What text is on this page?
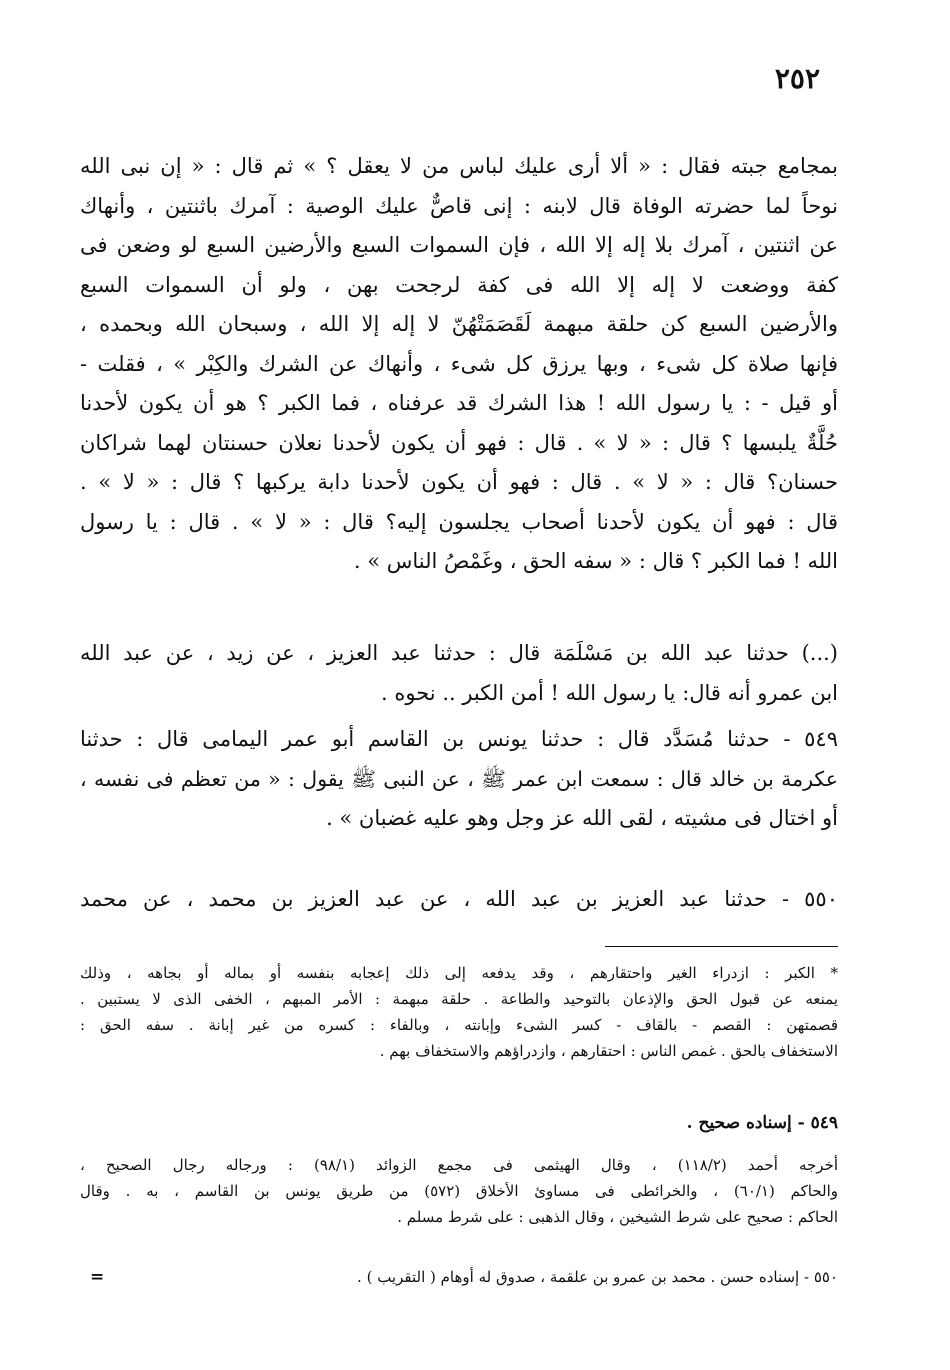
٢٥٢
بمجامع جبته فقال : « ألا أرى عليك لباس من لا يعقل ؟ » ثم قال : « إن نبى الله
نوحاً لما حضرته الوفاة قال لابنه : إنى قاصٌّ عليك الوصية : آمرك باثنتين ، وأنهاك
عن اثنتين ، آمرك بلا إله إلا الله ، فإن السموات السبع والأرضين السبع لو وضعن فى
كفة ووضعت لا إله إلا الله فى كفة لرجحت بهن ، ولو أن السموات السبع
والأرضين السبع كن حلقة مبهمة لَقَصَمَتْهُنّ لا إله إلا الله ، وسبحان الله وبحمده ،
فإنها صلاة كل شىء ، وبها يرزق كل شىء ، وأنهاك عن الشرك والكِبْر » ، فقلت -
أو قيل - : يا رسول الله ! هذا الشرك قد عرفناه ، فما الكبر ؟ هو أن يكون لأحدنا
حُلَّةٌ يلبسها ؟ قال : « لا » . قال : فهو أن يكون لأحدنا نعلان حسنتان لهما شراكان
حسنان؟ قال : « لا » . قال : فهو أن يكون لأحدنا دابة يركبها ؟ قال : « لا » .
قال : فهو أن يكون لأحدنا أصحاب يجلسون إليه؟ قال : « لا » . قال : يا رسول
الله ! فما الكبر ؟ قال : « سفه الحق ، وغَمْصُ الناس » .
(...) حدثنا عبد الله بن مَسْلَمَة قال : حدثنا عبد العزيز ، عن زيد ، عن عبد الله
ابن عمرو أنه قال: يا رسول الله ! أمن الكبر .. نحوه .
٥٤٩ - حدثنا مُسَدَّد قال : حدثنا يونس بن القاسم أبو عمر اليمامى قال : حدثنا
عكرمة بن خالد قال : سمعت ابن عمر ﷺ ، عن النبى ﷺ يقول : « من تعظم فى نفسه ،
أو اختال فى مشيته ، لقى الله عز وجل وهو عليه غضبان » .
٥٥٠ - حدثنا عبد العزيز بن عبد الله ، عن عبد العزيز بن محمد ، عن محمد
* الكبر : ازدراء الغير واحتقارهم ، وقد يدفعه إلى ذلك إعجابه بنفسه أو بماله أو بجاهه ، وذلك
يمنعه عن قبول الحق والإذعان بالتوحيد والطاعة . حلقة مبهمة : الأمر المبهم ، الخفى الذى لا يستبين .
قصمتهن : القصم - بالقاف - كسر الشىء وإبانته ، وبالفاء : كسره من غير إبانة . سفه الحق :
الاستخفاف بالحق . غمص الناس : احتقارهم ، وازدراؤهم والاستخفاف بهم .
٥٤٩ - إسناده صحيح .
أخرجه أحمد (١١٨/٢) ، وقال الهيثمى فى مجمع الزوائد (٩٨/١) : ورجاله رجال الصحيح ،
والحاكم (٦٠/١) ، والخرائطى فى مساوئ الأخلاق (٥٧٢) من طريق يونس بن القاسم ، به . وقال
الحاكم : صحيح على شرط الشيخين ، وقال الذهبى : على شرط مسلم .
٥٥٠ - إسناده حسن . محمد بن عمرو بن علقمة ، صدوق له أوهام ( التقريب ) .
=
